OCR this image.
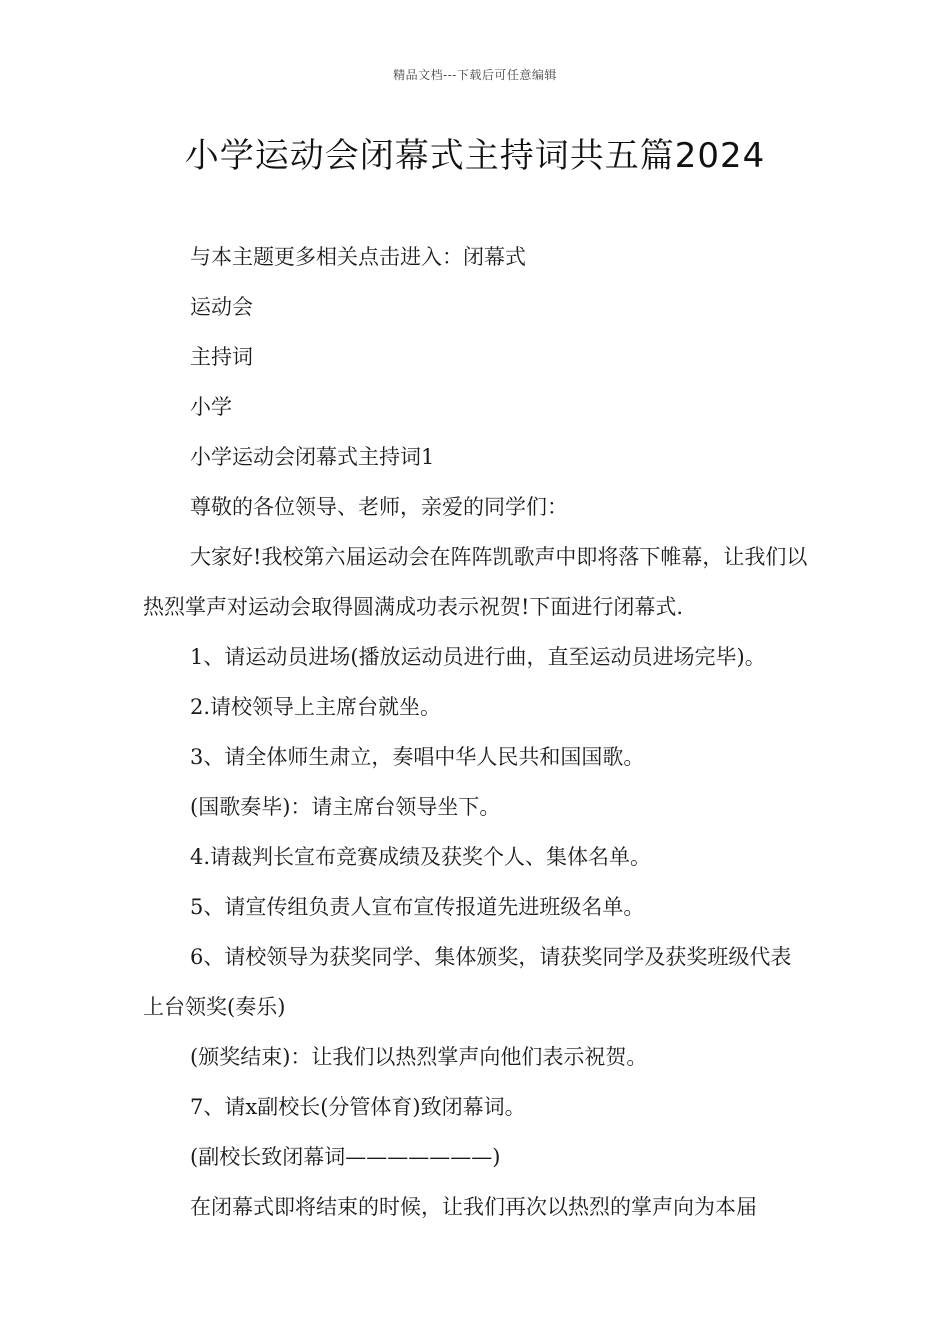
精品文档---下载后可任意编辑
小学运动会闭幕式主持词共五篇2024

与本主题更多相关点击进入：闭幕式

运动会

主持词

小学

小学运动会闭幕式主持词1

尊敬的各位领导、老师，亲爱的同学们：

大家好!我校第六届运动会在阵阵凯歌声中即将落下帷幕，让我们以热烈掌声对运动会取得圆满成功表示祝贺!下面进行闭幕式.

1、请运动员进场(播放运动员进行曲，直至运动员进场完毕)。

2.请校领导上主席台就坐。

3、请全体师生肃立，奏唱中华人民共和国国歌。

(国歌奏毕)：请主席台领导坐下。

4.请裁判长宣布竞赛成绩及获奖个人、集体名单。

5、请宣传组负责人宣布宣传报道先进班级名单。

6、请校领导为获奖同学、集体颁奖，请获奖同学及获奖班级代表上台领奖(奏乐)

(颁奖结束)：让我们以热烈掌声向他们表示祝贺。

7、请x副校长(分管体育)致闭幕词。

(副校长致闭幕词———————)

在闭幕式即将结束的时候，让我们再次以热烈的掌声向为本届
